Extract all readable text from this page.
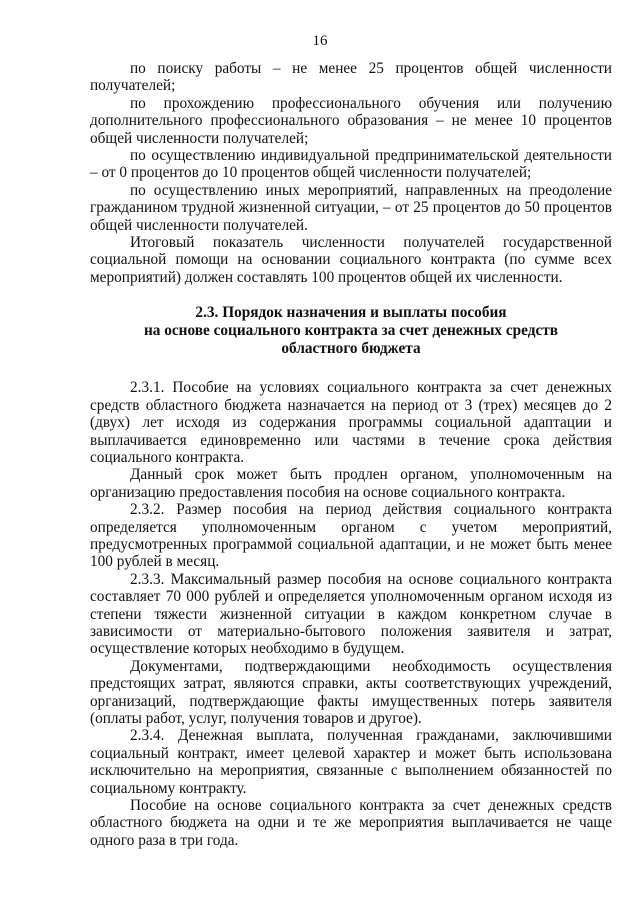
16

по поиску работы – не менее 25 процентов общей численности получателей;

по прохождению профессионального обучения или получению дополнительного профессионального образования – не менее 10 процентов общей численности получателей;

по осуществлению индивидуальной предпринимательской деятельности – от 0 процентов до 10 процентов общей численности получателей;

по осуществлению иных мероприятий, направленных на преодоление гражданином трудной жизненной ситуации, – от 25 процентов до 50 процентов общей численности получателей.

Итоговый показатель численности получателей государственной социальной помощи на основании социального контракта (по сумме всех мероприятий) должен составлять 100 процентов общей их численности.

2.3. Порядок назначения и выплаты пособия
на основе социального контракта за счет денежных средств
областного бюджета

2.3.1. Пособие на условиях социального контракта за счет денежных средств областного бюджета назначается на период от 3 (трех) месяцев до 2 (двух) лет исходя из содержания программы социальной адаптации и выплачивается единовременно или частями в течение срока действия социального контракта.

Данный срок может быть продлен органом, уполномоченным на организацию предоставления пособия на основе социального контракта.

2.3.2. Размер пособия на период действия социального контракта определяется уполномоченным органом с учетом мероприятий, предусмотренных программой социальной адаптации, и не может быть менее 100 рублей в месяц.

2.3.3. Максимальный размер пособия на основе социального контракта составляет 70 000 рублей и определяется уполномоченным органом исходя из степени тяжести жизненной ситуации в каждом конкретном случае в зависимости от материально-бытового положения заявителя и затрат, осуществление которых необходимо в будущем.

Документами, подтверждающими необходимость осуществления предстоящих затрат, являются справки, акты соответствующих учреждений, организаций, подтверждающие факты имущественных потерь заявителя (оплаты работ, услуг, получения товаров и другое).

2.3.4. Денежная выплата, полученная гражданами, заключившими социальный контракт, имеет целевой характер и может быть использована исключительно на мероприятия, связанные с выполнением обязанностей по социальному контракту.

Пособие на основе социального контракта за счет денежных средств областного бюджета на одни и те же мероприятия выплачивается не чаще одного раза в три года.
